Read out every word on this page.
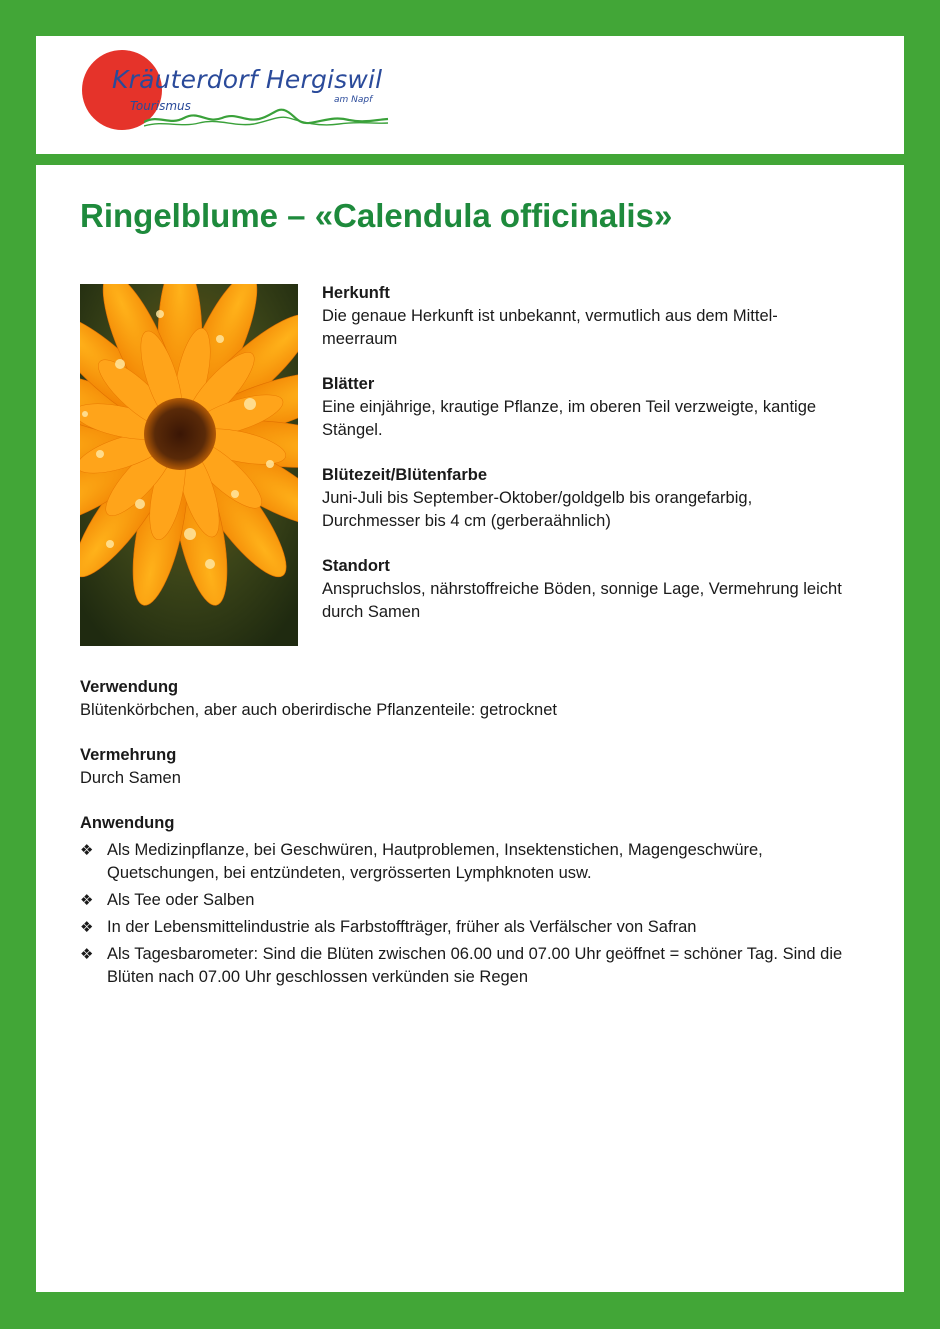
Kräuterdorf Hergiswil
Tourismus	am Napf
Ringelblume – «Calendula officinalis»
Herkunft
Die genaue Herkunft ist unbekannt, vermutlich aus dem Mittel-meerraum
Blätter
Eine einjährige, krautige Pflanze, im oberen Teil verzweigte, kantige Stängel.
Blütezeit/Blütenfarbe
Juni-Juli bis September-Oktober/goldgelb bis orangefarbig, Durchmesser bis 4 cm (gerberaähnlich)
Standort
Anspruchslos, nährstoffreiche Böden, sonnige Lage, Vermehrung leicht durch Samen
Verwendung
Blütenkörbchen, aber auch oberirdische Pflanzenteile: getrocknet
Vermehrung
Durch Samen
Anwendung
❖ Als Medizinpflanze, bei Geschwüren, Hautproblemen, Insektenstichen, Magengeschwüre, Quetschungen, bei entzündeten, vergrösserten Lymphknoten usw.
❖ Als Tee oder Salben
❖ In der Lebensmittelindustrie als Farbstoffträger, früher als Verfälscher von Safran
❖ Als Tagesbarometer: Sind die Blüten zwischen 06.00 und 07.00 Uhr geöffnet = schöner Tag. Sind die Blüten nach 07.00 Uhr geschlossen verkünden sie Regen
